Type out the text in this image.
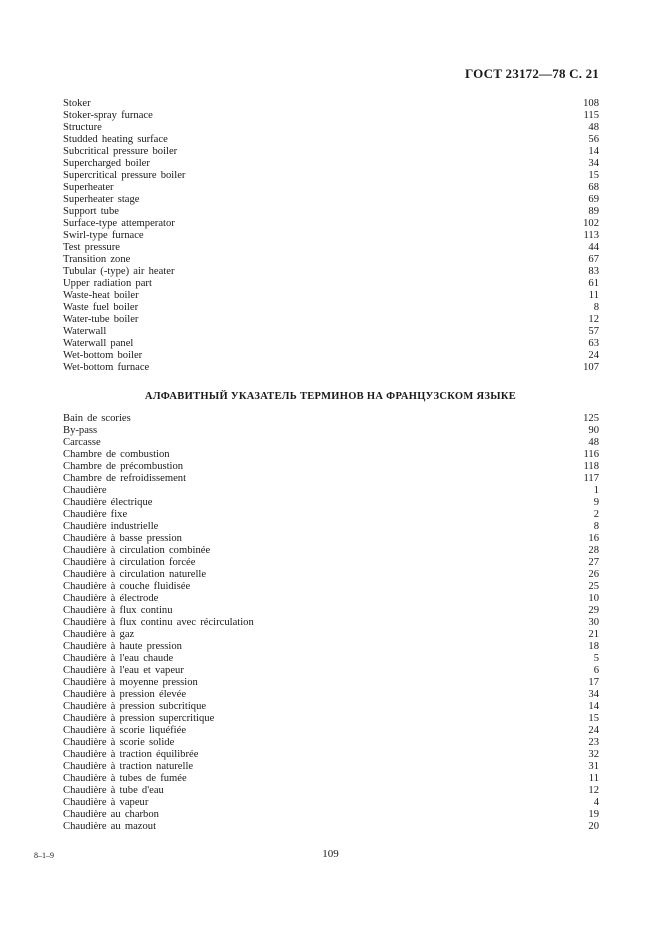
ГОСТ 23172—78 С. 21
Stoker	108
Stoker-spray furnace	115
Structure	48
Studded heating surface	56
Subcritical pressure boiler	14
Supercharged boiler	34
Supercritical pressure boiler	15
Superheater	68
Superheater stage	69
Support tube	89
Surface-type attemperator	102
Swirl-type furnace	113
Test pressure	44
Transition zone	67
Tubular (-type) air heater	83
Upper radiation part	61
Waste-heat boiler	11
Waste fuel boiler	8
Water-tube boiler	12
Waterwall	57
Waterwall panel	63
Wet-bottom boiler	24
Wet-bottom furnace	107
АЛФАВИТНЫЙ УКАЗАТЕЛЬ ТЕРМИНОВ НА ФРАНЦУЗСКОМ ЯЗЫКЕ
Bain de scories	125
By-pass	90
Carcasse	48
Chambre de combustion	116
Chambre de précombustion	118
Chambre de refroidissement	117
Chaudière	1
Chaudière électrique	9
Chaudière fixe	2
Chaudière industrielle	8
Chaudière à basse pression	16
Chaudière à circulation combinée	28
Chaudière à circulation forcée	27
Chaudière à circulation naturelle	26
Chaudière à couche fluidisée	25
Chaudière à électrode	10
Chaudière à flux continu	29
Chaudière à flux continu avec récirculation	30
Chaudière à gaz	21
Chaudière à haute pression	18
Chaudière à l'eau chaude	5
Chaudière à l'eau et vapeur	6
Chaudière à moyenne pression	17
Chaudière à pression élevée	34
Chaudière à pression subcritique	14
Chaudière à pression supercritique	15
Chaudière à scorie liquéfiée	24
Chaudière à scorie solide	23
Chaudière à traction équilibrée	32
Chaudière à traction naturelle	31
Chaudière à tubes de fumée	11
Chaudière à tube d'eau	12
Chaudière à vapeur	4
Chaudière au charbon	19
Chaudière au mazout	20
8–1–9	109
